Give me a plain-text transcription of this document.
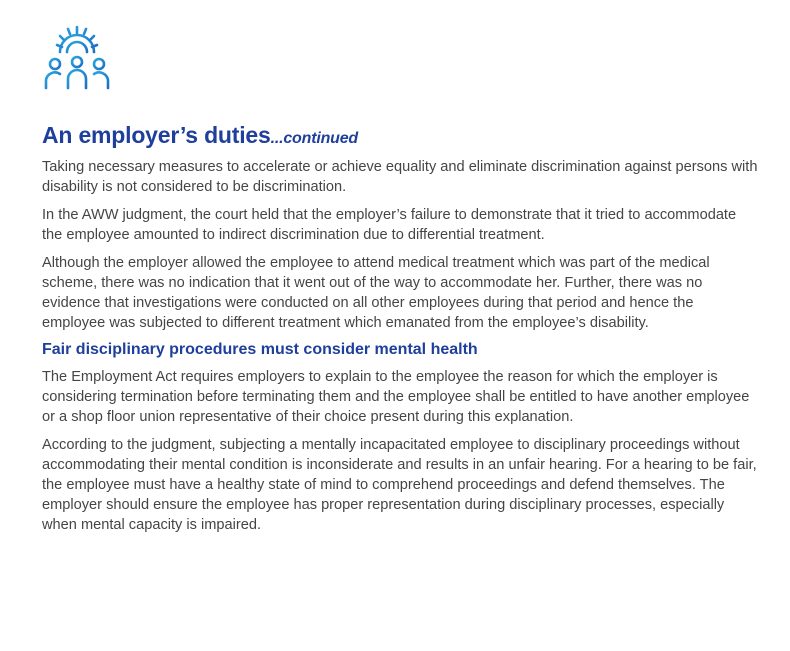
An employer’s duties...continued

Taking necessary measures to accelerate or achieve equality and eliminate discrimination against persons with disability is not considered to be discrimination.

In the AWW judgment, the court held that the employer’s failure to demonstrate that it tried to accommodate the employee amounted to indirect discrimination due to differential treatment.

Although the employer allowed the employee to attend medical treatment which was part of the medical scheme, there was no indication that it went out of the way to accommodate her. Further, there was no evidence that investigations were conducted on all other employees during that period and hence the employee was subjected to different treatment which emanated from the employee’s disability.

Fair disciplinary procedures must consider mental health

The Employment Act requires employers to explain to the employee the reason for which the employer is considering termination before terminating them and the employee shall be entitled to have another employee or a shop floor union representative of their choice present during this explanation.

According to the judgment, subjecting a mentally incapacitated employee to disciplinary proceedings without accommodating their mental condition is inconsiderate and results in an unfair hearing. For a hearing to be fair, the employee must have a healthy state of mind to comprehend proceedings and defend themselves. The employer should ensure the employee has proper representation during disciplinary processes, especially when mental capacity is impaired.
